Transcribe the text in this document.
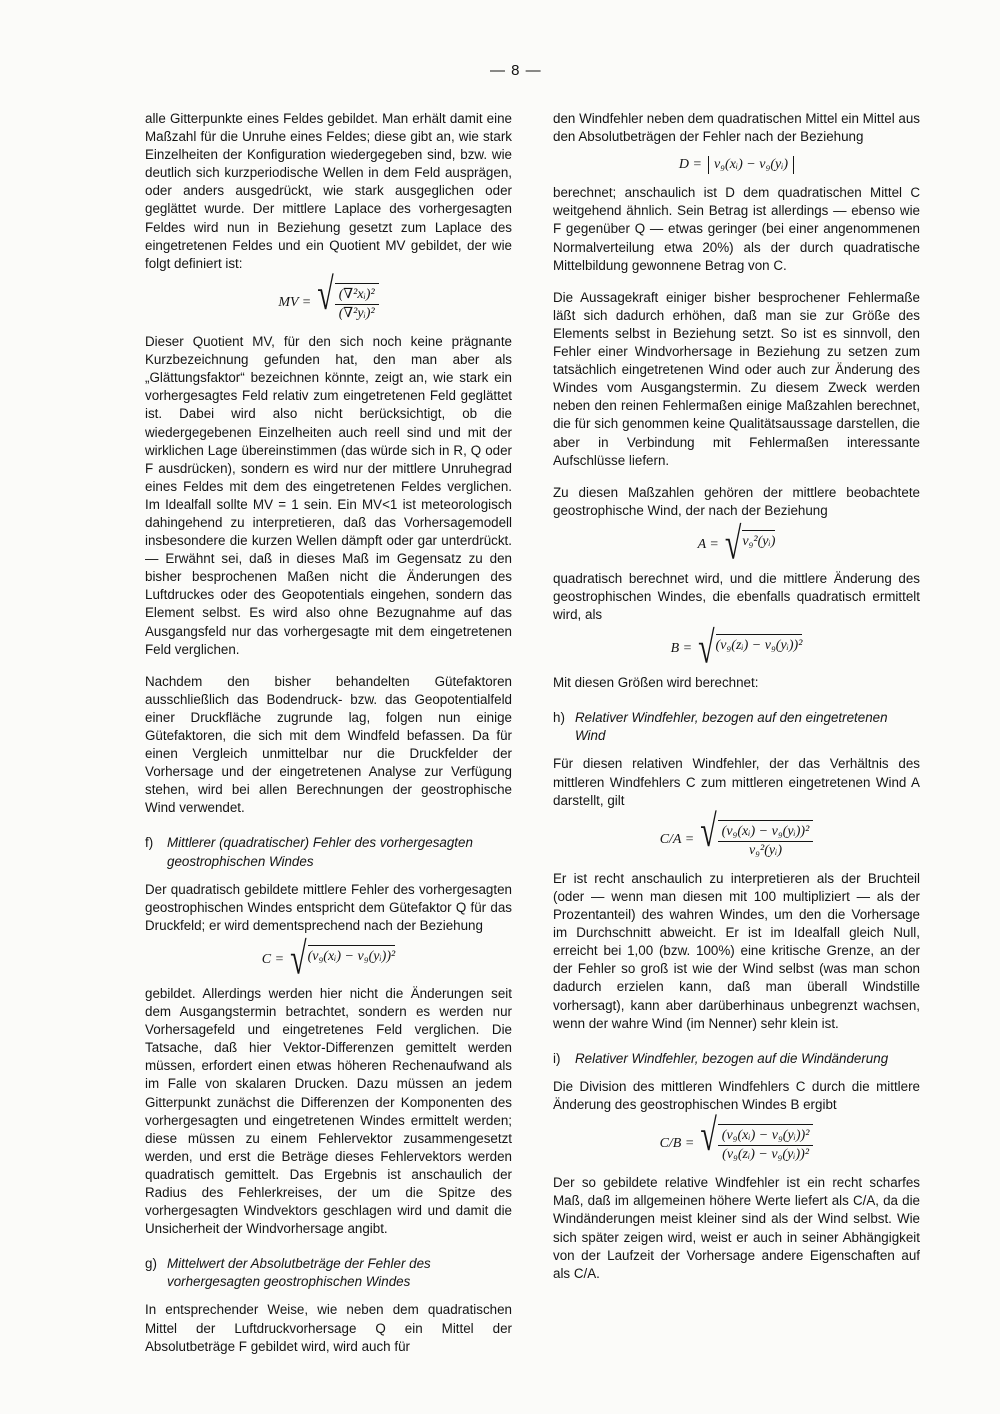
— 8 —

alle Gitterpunkte eines Feldes gebildet. Man erhält damit eine Maßzahl für die Unruhe eines Feldes; diese gibt an, wie stark Einzelheiten der Konfiguration wiedergegeben sind, bzw. wie deutlich sich kurzperiodische Wellen in dem Feld ausprägen, oder anders ausgedrückt, wie stark ausgeglichen oder geglättet wurde. Der mittlere Laplace des vorhergesagten Feldes wird nun in Beziehung gesetzt zum Laplace des eingetretenen Feldes und ein Quotient MV gebildet, der wie folgt definiert ist:

MV = √ $\frac{\text{(∇²xᵢ)²}}{\text{(∇²yᵢ)²}}$

Dieser Quotient MV, für den sich noch keine prägnante Kurzbezeichnung gefunden hat, den man aber als „Glättungsfaktor“ bezeichnen könnte, zeigt an, wie stark ein vorhergesagtes Feld relativ zum eingetretenen Feld geglättet ist. Dabei wird also nicht berücksichtigt, ob die wiedergegebenen Einzelheiten auch reell sind und mit der wirklichen Lage übereinstimmen (das würde sich in R, Q oder F ausdrücken), sondern es wird nur der mittlere Unruhegrad eines Feldes mit dem des eingetretenen Feldes verglichen. Im Idealfall sollte MV = 1 sein. Ein MV<1 ist meteorologisch dahingehend zu interpretieren, daß das Vorhersagemodell insbesondere die kurzen Wellen dämpft oder gar unterdrückt. — Erwähnt sei, daß in dieses Maß im Gegensatz zu den bisher besprochenen Maßen nicht die Änderungen des Luftdruckes oder des Geopotentials eingehen, sondern das Element selbst. Es wird also ohne Bezugnahme auf das Ausgangsfeld nur das vorhergesagte mit dem eingetretenen Feld verglichen.

Nachdem den bisher behandelten Gütefaktoren ausschließlich das Bodendruck- bzw. das Geopotentialfeld einer Druckfläche zugrunde lag, folgen nun einige Gütefaktoren, die sich mit dem Windfeld befassen. Da für einen Vergleich unmittelbar nur die Druckfelder der Vorhersage und der eingetretenen Analyse zur Verfügung stehen, wird bei allen Berechnungen der geostrophische Wind verwendet.

f) Mittlerer (quadratischer) Fehler des vorhergesagten geostrophischen Windes

Der quadratisch gebildete mittlere Fehler des vorhergesagten geostrophischen Windes entspricht dem Gütefaktor Q für das Druckfeld; er wird dementsprechend nach der Beziehung

C = √ (v₉(xᵢ) − v₉(yᵢ))²

gebildet. Allerdings werden hier nicht die Änderungen seit dem Ausgangstermin betrachtet, sondern es werden nur Vorhersagefeld und eingetretenes Feld verglichen. Die Tatsache, daß hier Vektor-Differenzen gemittelt werden müssen, erfordert einen etwas höheren Rechenaufwand als im Falle von skalaren Drucken. Dazu müssen an jedem Gitterpunkt zunächst die Differenzen der Komponenten des vorhergesagten und eingetretenen Windes ermittelt werden; diese müssen zu einem Fehlervektor zusammengesetzt werden, und erst die Beträge dieses Fehlervektors werden quadratisch gemittelt. Das Ergebnis ist anschaulich der Radius des Fehlerkreises, der um die Spitze des vorhergesagten Windvektors geschlagen wird und damit die Unsicherheit der Windvorhersage angibt.

g) Mittelwert der Absolutbeträge der Fehler des vorhergesagten geostrophischen Windes

In entsprechender Weise, wie neben dem quadratischen Mittel der Luftdruckvorhersage Q ein Mittel der Absolutbeträge F gebildet wird, wird auch für

den Windfehler neben dem quadratischen Mittel ein Mittel aus den Absolutbeträgen der Fehler nach der Beziehung

D = v₉(xᵢ) − v₉(yᵢ)

berechnet; anschaulich ist D dem quadratischen Mittel C weitgehend ähnlich. Sein Betrag ist allerdings — ebenso wie F gegenüber Q — etwas geringer (bei einer angenommenen Normalverteilung etwa 20%) als der durch quadratische Mittelbildung gewonnene Betrag von C.

Die Aussagekraft einiger bisher besprochener Fehlermaße läßt sich dadurch erhöhen, daß man sie zur Größe des Elements selbst in Beziehung setzt. So ist es sinnvoll, den Fehler einer Windvorhersage in Beziehung zu setzen zum tatsächlich eingetretenen Wind oder auch zur Änderung des Windes vom Ausgangstermin. Zu diesem Zweck werden neben den reinen Fehlermaßen einige Maßzahlen berechnet, die für sich genommen keine Qualitätsaussage darstellen, die aber in Verbindung mit Fehlermaßen interessante Aufschlüsse liefern.

Zu diesen Maßzahlen gehören der mittlere beobachtete geostrophische Wind, der nach der Beziehung

A = √ v₉²(yᵢ)

quadratisch berechnet wird, und die mittlere Änderung des geostrophischen Windes, die ebenfalls quadratisch ermittelt wird, als

B = √ (v₉(zᵢ) − v₉(yᵢ))²

Mit diesen Größen wird berechnet:

h) Relativer Windfehler, bezogen auf den eingetretenen Wind

Für diesen relativen Windfehler, der das Verhältnis des mittleren Windfehlers C zum mittleren eingetretenen Wind A darstellt, gilt

C/A = √ $\frac{\text{(v₉(xᵢ) − v₉(yᵢ))²}}{\text{v₉²(yᵢ)}}$

Er ist recht anschaulich zu interpretieren als der Bruchteil (oder — wenn man diesen mit 100 multipliziert — als der Prozentanteil) des wahren Windes, um den die Vorhersage im Durchschnitt abweicht. Er ist im Idealfall gleich Null, erreicht bei 1,00 (bzw. 100%) eine kritische Grenze, an der der Fehler so groß ist wie der Wind selbst (was man schon dadurch erzielen kann, daß man überall Windstille vorhersagt), kann aber darüberhinaus unbegrenzt wachsen, wenn der wahre Wind (im Nenner) sehr klein ist.

i) Relativer Windfehler, bezogen auf die Windänderung

Die Division des mittleren Windfehlers C durch die mittlere Änderung des geostrophischen Windes B ergibt

C/B = √ $\frac{\text{(v₉(xᵢ) − v₉(yᵢ))²}}{\text{(v₉(zᵢ) − v₉(yᵢ))²}}$

Der so gebildete relative Windfehler ist ein recht scharfes Maß, daß im allgemeinen höhere Werte liefert als C/A, da die Windänderungen meist kleiner sind als der Wind selbst. Wie sich später zeigen wird, weist er auch in seiner Abhängigkeit von der Laufzeit der Vorhersage andere Eigenschaften auf als C/A.
